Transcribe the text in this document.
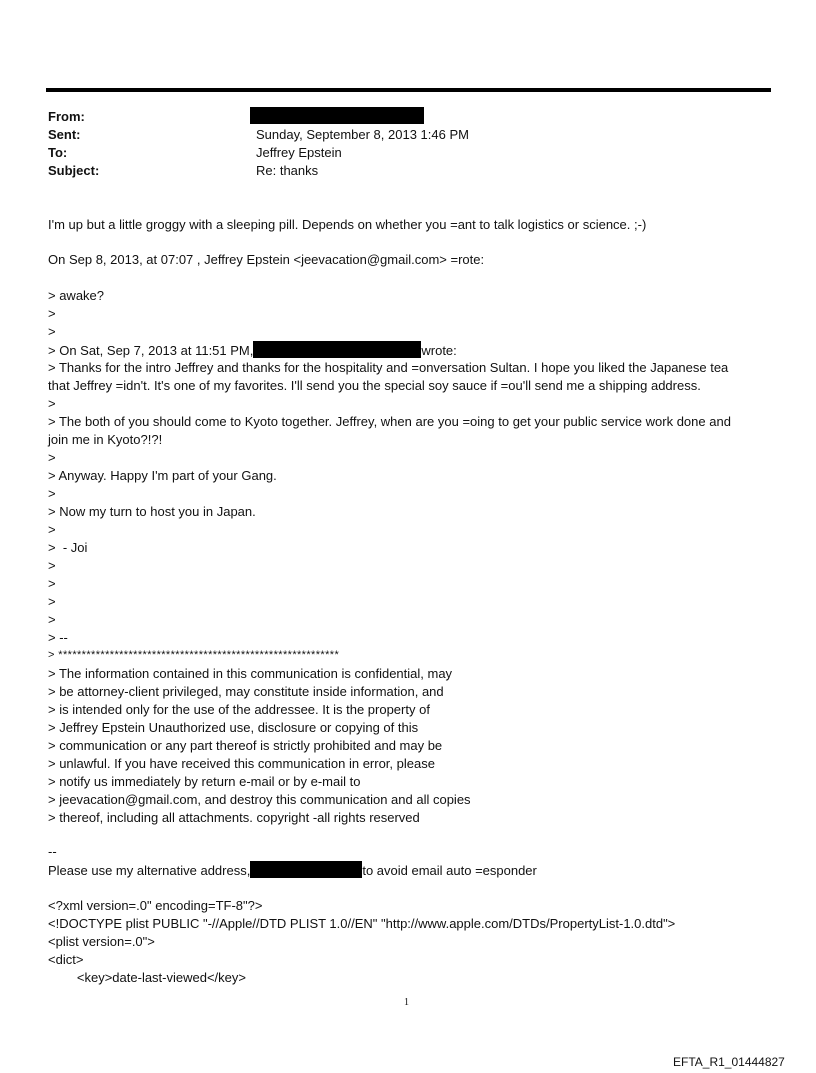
From:
Sent:	Sunday, September 8, 2013 1:46 PM
To:	Jeffrey Epstein
Subject:	Re: thanks
I'm up but a little groggy with a sleeping pill. Depends on whether you =ant to talk logistics or science. ;-)
On Sep 8, 2013, at 07:07 , Jeffrey Epstein <jeevacation@gmail.com> =rote:
> awake?
>
>
> On Sat, Sep 7, 2013 at 11:51 PM,	wrote:
> Thanks for the intro Jeffrey and thanks for the hospitality and =onversation Sultan. I hope you liked the Japanese tea
that Jeffrey =idn't. It's one of my favorites. I'll send you the special soy sauce if =ou'll send me a shipping address.
>
> The both of you should come to Kyoto together. Jeffrey, when are you =oing to get your public service work done and
join me in Kyoto?!?!
>
> Anyway. Happy I'm part of your Gang.
>
> Now my turn to host you in Japan.
>
>  - Joi
>
>
>
>
> --
> ************************************************************
> The information contained in this communication is confidential, may
> be attorney-client privileged, may constitute inside information, and
> is intended only for the use of the addressee. It is the property of
> Jeffrey Epstein Unauthorized use, disclosure or copying of this
> communication or any part thereof is strictly prohibited and may be
> unlawful. If you have received this communication in error, please
> notify us immediately by return e-mail or by e-mail to
> jeevacation@gmail.com, and destroy this communication and all copies
> thereof, including all attachments. copyright -all rights reserved
--
Please use my alternative address,	to avoid email auto =esponder
<?xml version=.0" encoding=TF-8"?>
<!DOCTYPE plist PUBLIC "-//Apple//DTD PLIST 1.0//EN" "http://www.apple.com/DTDs/PropertyList-1.0.dtd">
<plist version=.0">
<dict>
<key>date-last-viewed</key>
1
EFTA_R1_01444827
